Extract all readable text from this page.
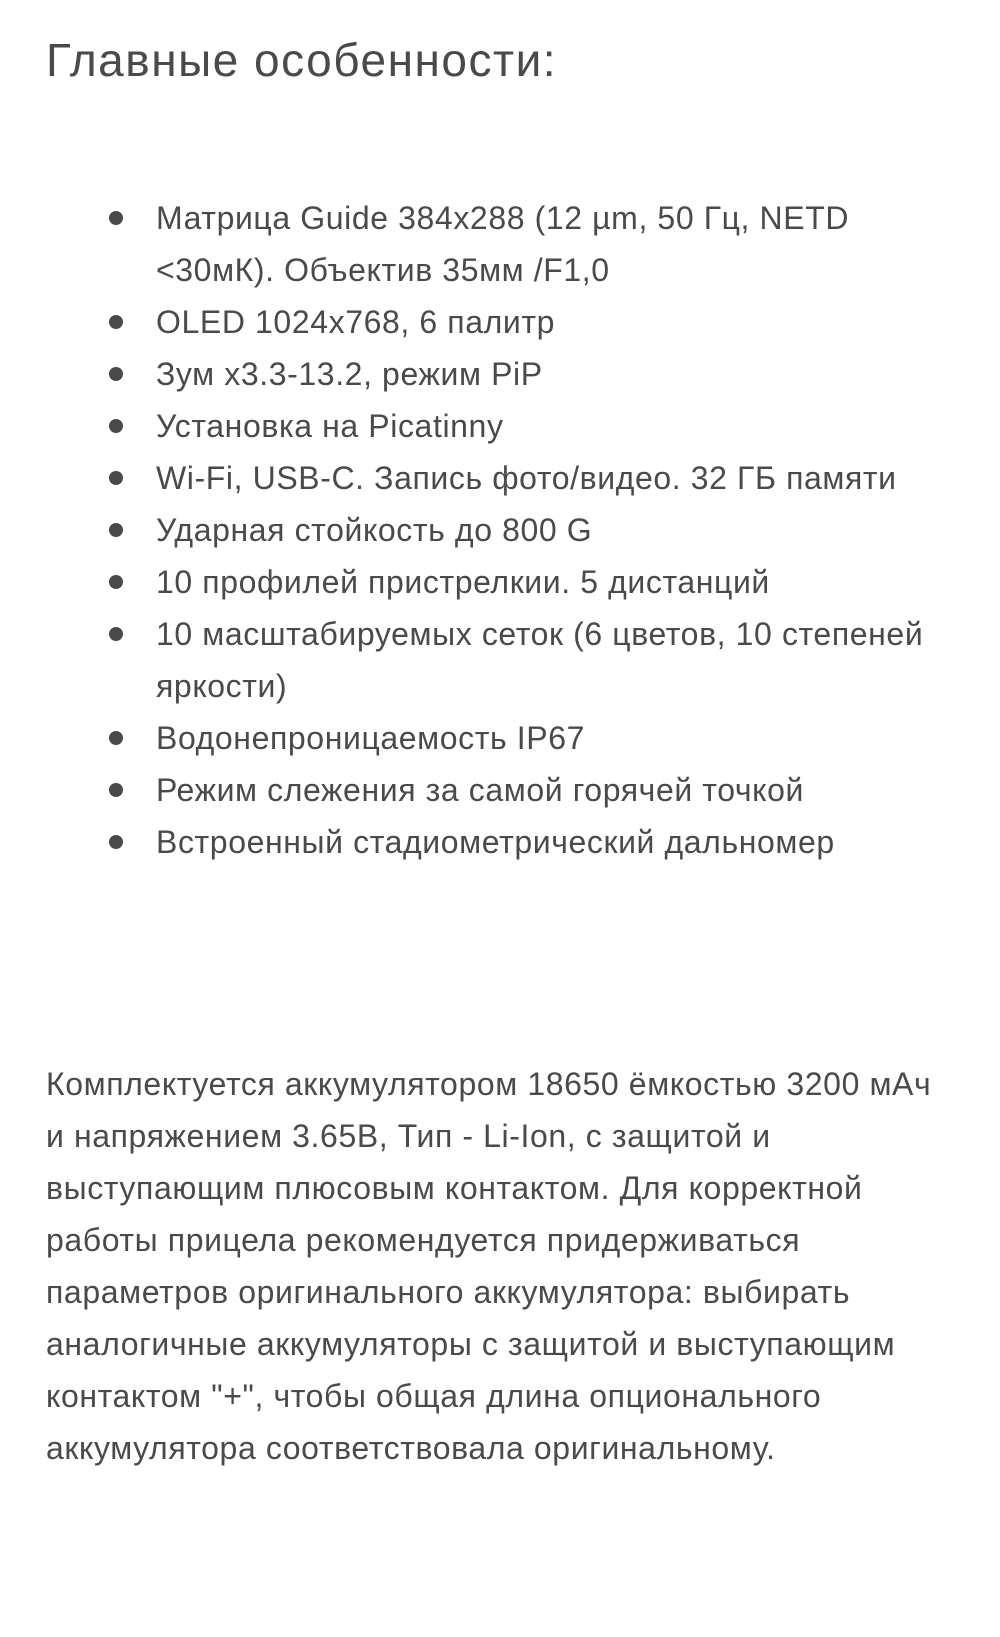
Главные особенности:
Матрица Guide 384х288 (12 µm, 50 Гц, NETD <30мК). Объектив 35мм /F1,0
OLED 1024х768, 6 палитр
Зум х3.3-13.2, режим PiP
Установка на Picatinny
Wi-Fi, USB-C. Запись фото/видео. 32 ГБ памяти
Ударная стойкость до 800 G
10 профилей пристрелкии. 5 дистанций
10 масштабируемых сеток (6 цветов, 10 степеней яркости)
Водонепроницаемость IP67
Режим слежения за самой горячей точкой
Встроенный стадиометрический дальномер

Комплектуется аккумулятором 18650 ёмкостью 3200 мАч и напряжением 3.65В, Тип - Li-Ion, с защитой и выступающим плюсовым контактом. Для корректной работы прицела рекомендуется придерживаться параметров оригинального аккумулятора: выбирать аналогичные аккумуляторы с защитой и выступающим контактом "+", чтобы общая длина опционального аккумулятора соответствовала оригинальному.
